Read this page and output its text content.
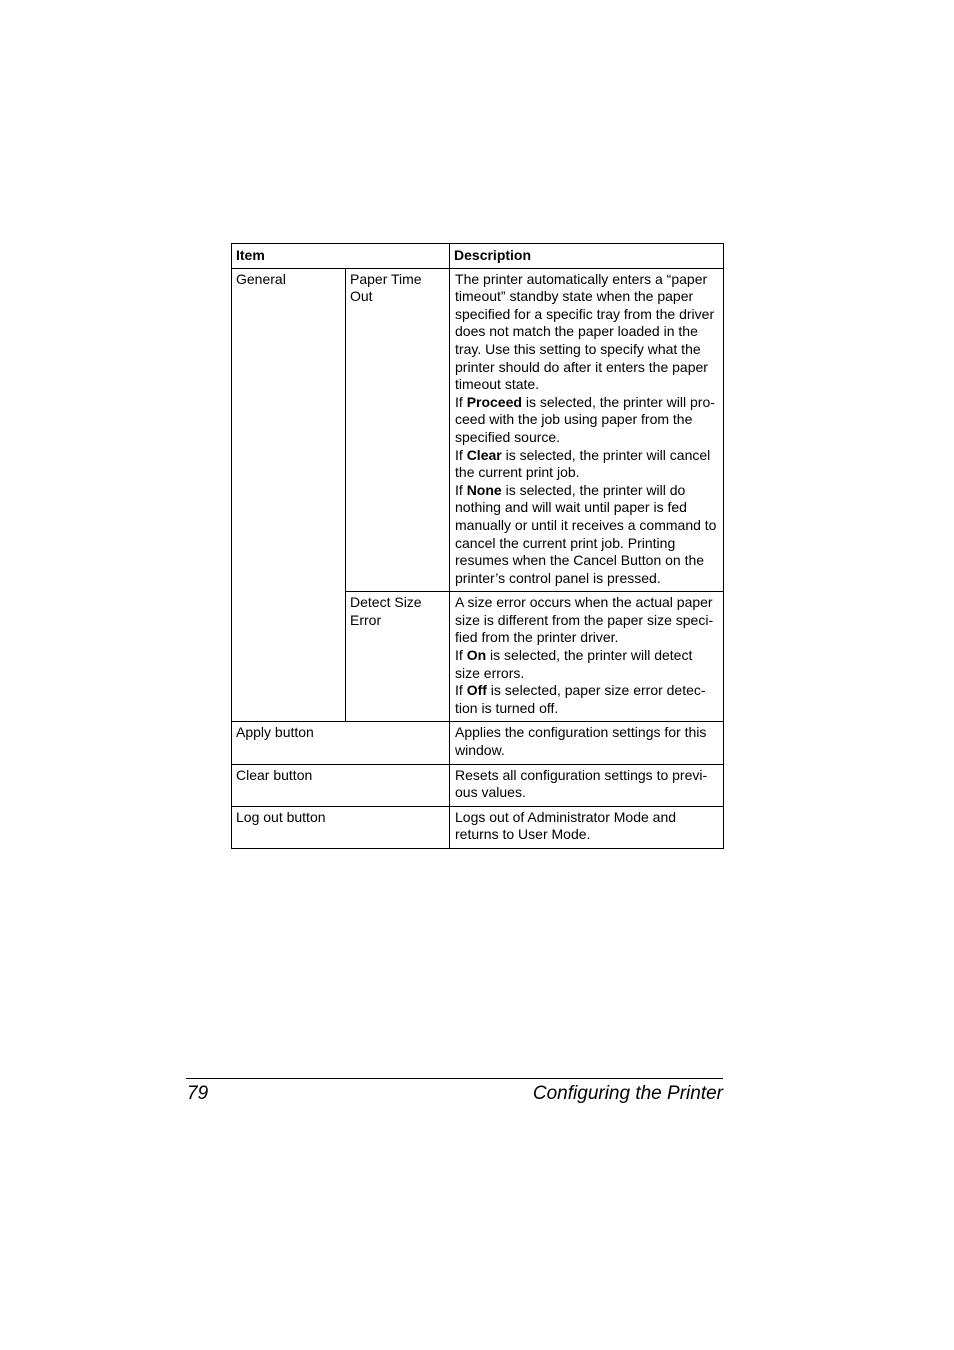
Item		Description
General	Paper Time Out	The printer automatically enters a “paper timeout” standby state when the paper specified for a specific tray from the driver does not match the paper loaded in the tray. Use this setting to specify what the printer should do after it enters the paper timeout state.
If Proceed is selected, the printer will proceed with the job using paper from the specified source.
If Clear is selected, the printer will cancel the current print job.
If None is selected, the printer will do nothing and will wait until paper is fed manually or until it receives a command to cancel the current print job. Printing resumes when the Cancel Button on the printer’s control panel is pressed.

	Detect Size Error	A size error occurs when the actual paper size is different from the paper size specified from the printer driver.
If On is selected, the printer will detect size errors.
If Off is selected, paper size error detection is turned off.

Apply button		Applies the configuration settings for this window.
Clear button		Resets all configuration settings to previous values.
Log out button		Logs out of Administrator Mode and returns to User Mode.
79	Configuring the Printer
